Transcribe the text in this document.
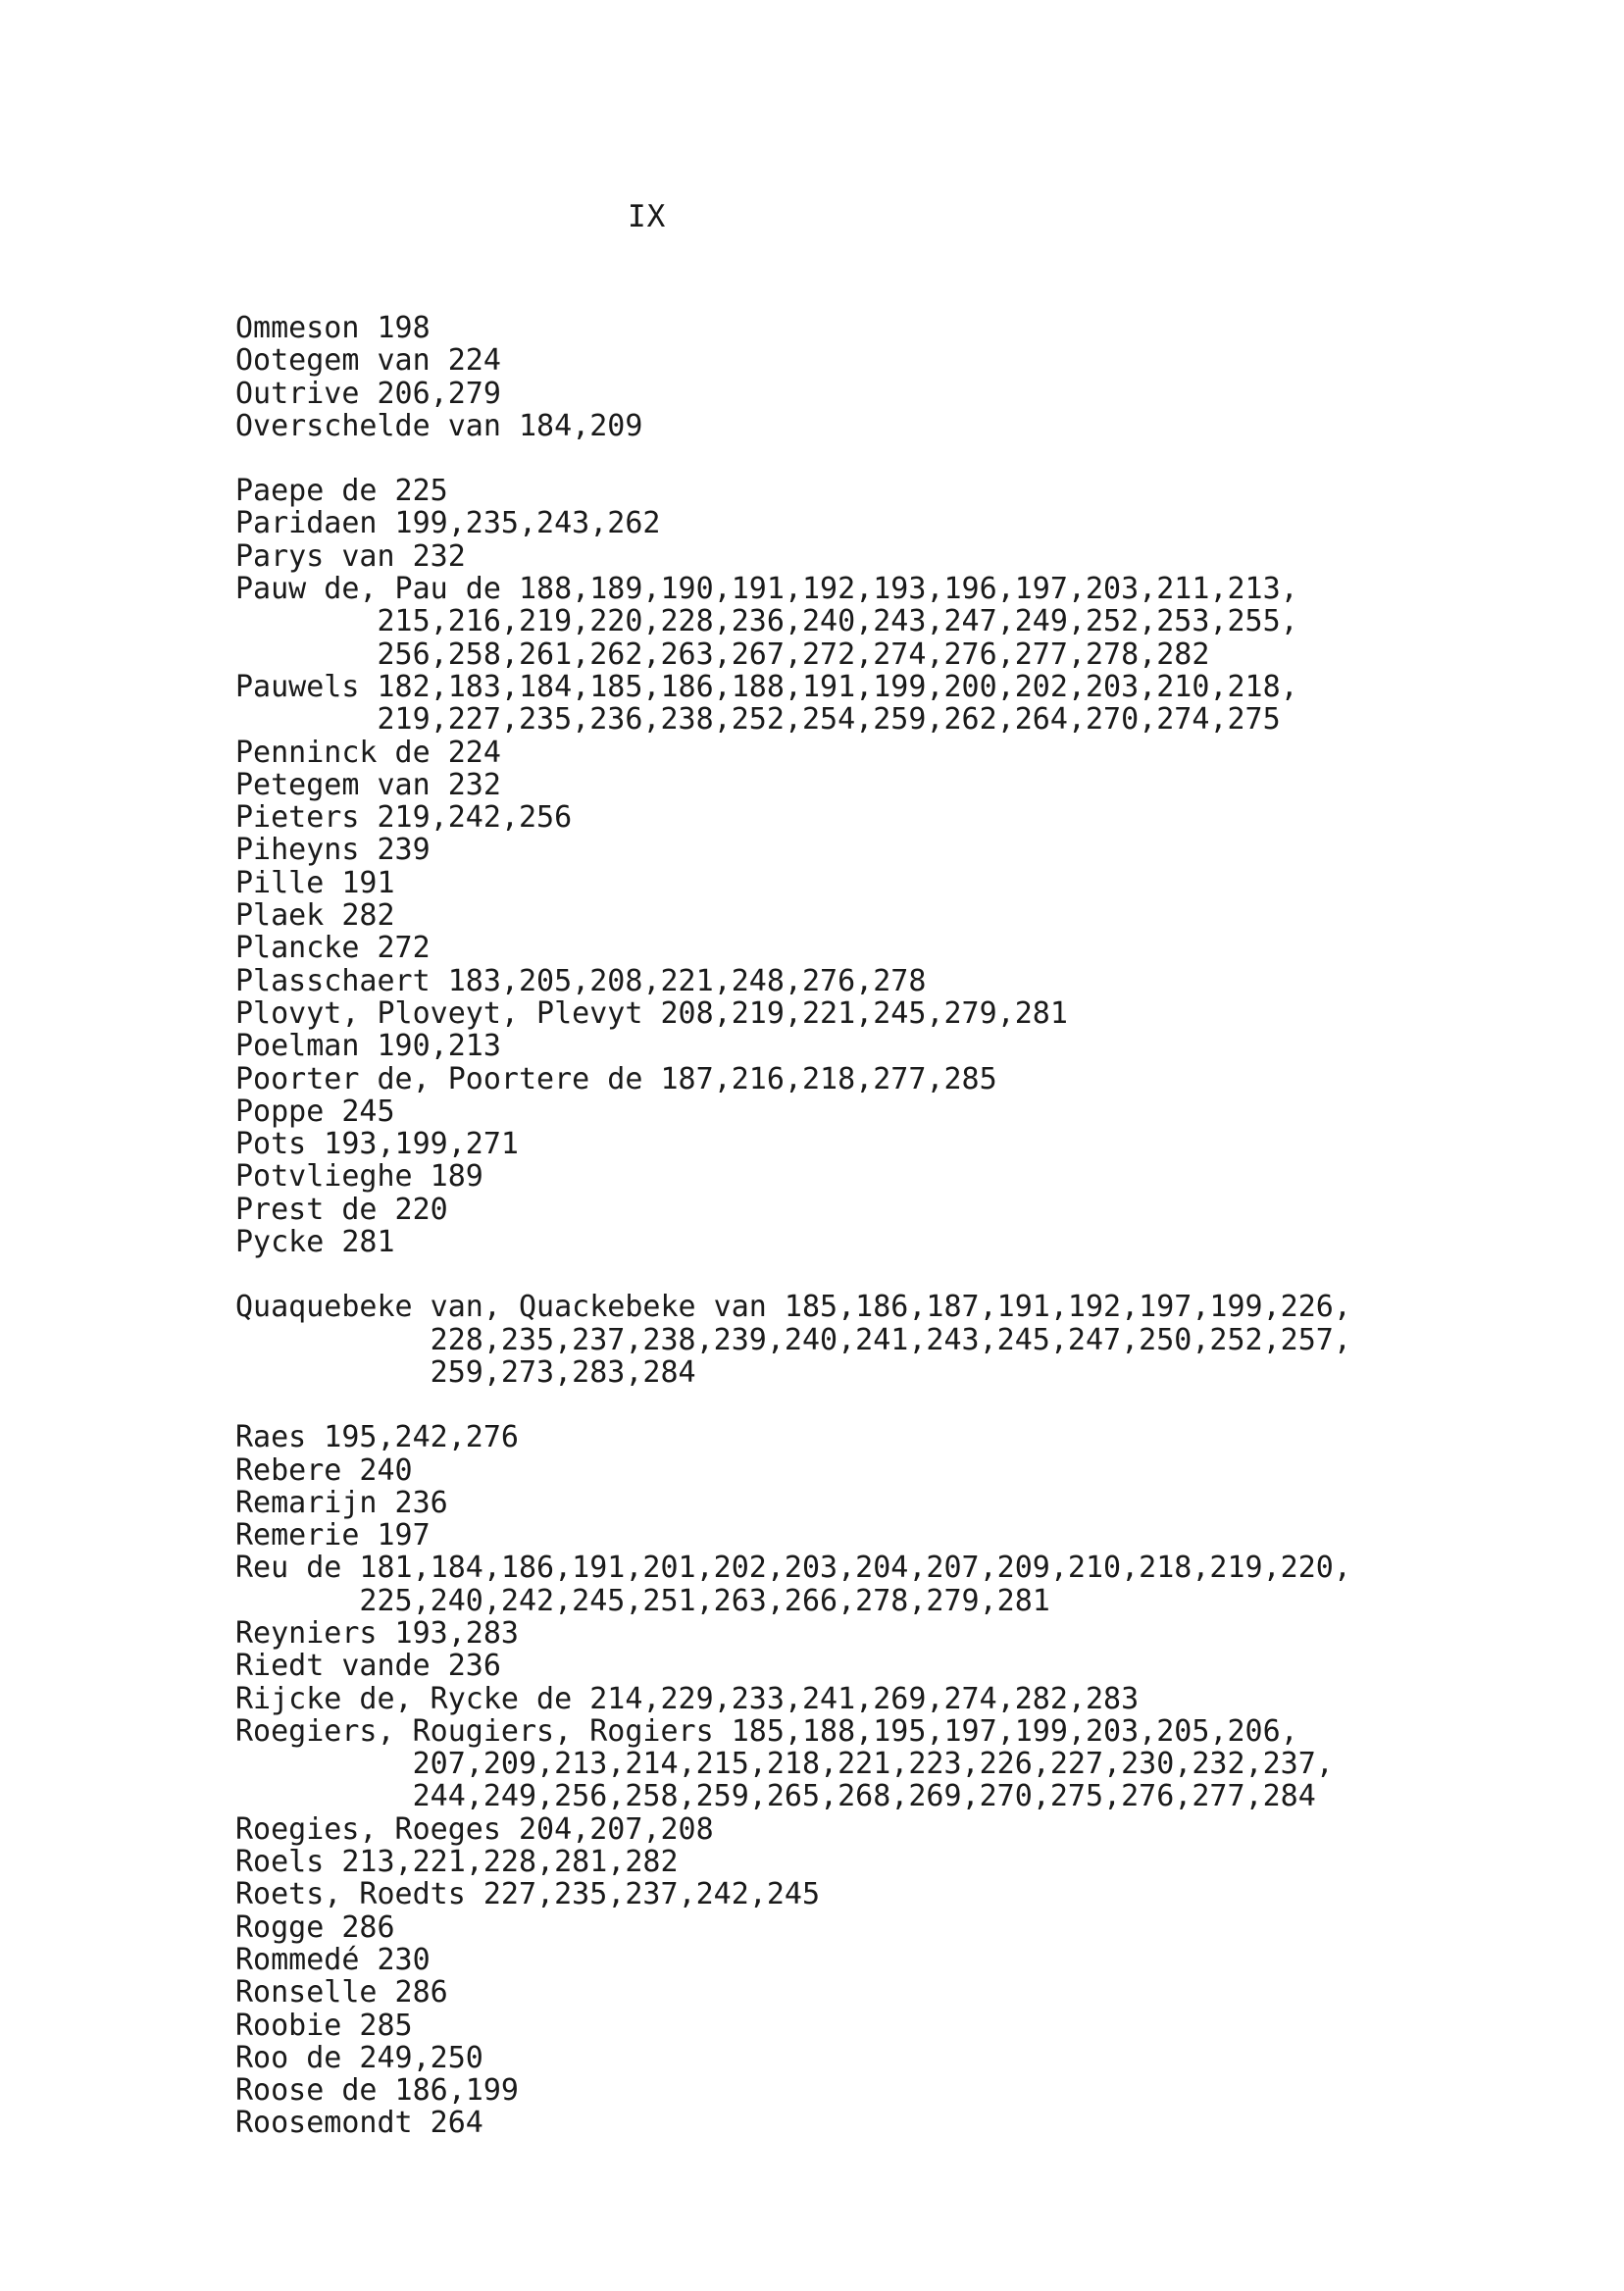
IX
Ommeson 198
Ootegem van 224
Outrive 206,279
Overschelde van 184,209
Paepe de 225
Paridaen 199,235,243,262
Parys van 232
Pauw de, Pau de 188,189,190,191,192,193,196,197,203,211,213,
215,216,219,220,228,236,240,243,247,249,252,253,255,
256,258,261,262,263,267,272,274,276,277,278,282
Pauwels 182,183,184,185,186,188,191,199,200,202,203,210,218,
219,227,235,236,238,252,254,259,262,264,270,274,275
Penninck de 224
Petegem van 232
Pieters 219,242,256
Piheyns 239
Pille 191
Plaek 282
Plancke 272
Plasschaert 183,205,208,221,248,276,278
Plovyt, Ploveyt, Plevyt 208,219,221,245,279,281
Poelman 190,213
Poorter de, Poortere de 187,216,218,277,285
Poppe 245
Pots 193,199,271
Potvlieghe 189
Prest de 220
Pycke 281
Quaquebeke van, Quackebeke van 185,186,187,191,192,197,199,226,
228,235,237,238,239,240,241,243,245,247,250,252,257,
259,273,283,284
Raes 195,242,276
Rebere 240
Remarijn 236
Remerie 197
Reu de 181,184,186,191,201,202,203,204,207,209,210,218,219,220,
225,240,242,245,251,263,266,278,279,281
Reyniers 193,283
Riedt vande 236
Rijcke de, Rycke de 214,229,233,241,269,274,282,283
Roegiers, Rougiers, Rogiers 185,188,195,197,199,203,205,206,
207,209,213,214,215,218,221,223,226,227,230,232,237,
244,249,256,258,259,265,268,269,270,275,276,277,284
Roegies, Roeges 204,207,208
Roels 213,221,228,281,282
Roets, Roedts 227,235,237,242,245
Rogge 286
Rommedé 230
Ronselle 286
Roobie 285
Roo de 249,250
Roose de 186,199
Roosemondt 264
